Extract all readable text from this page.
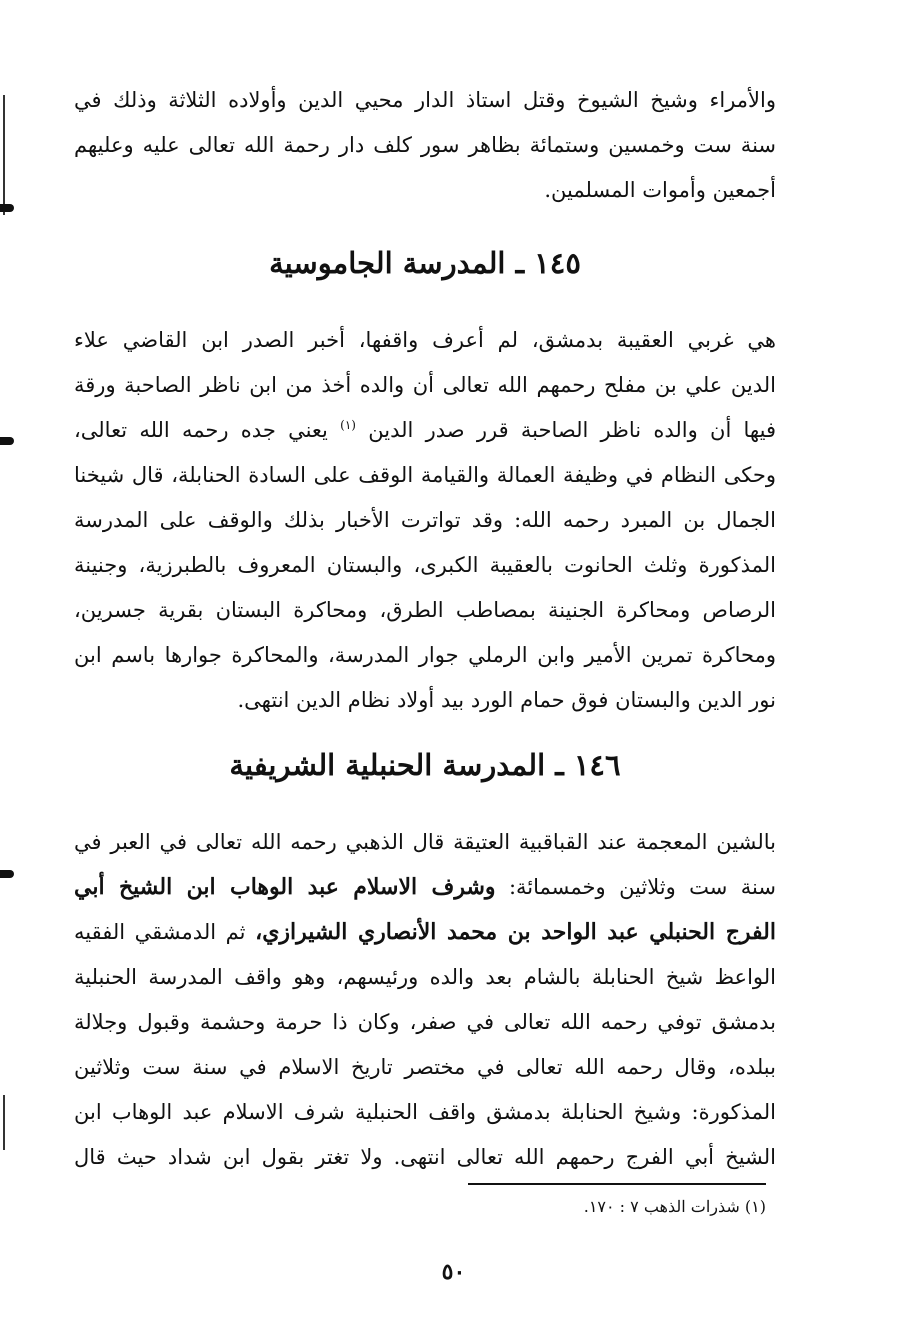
والأمراء وشيخ الشيوخ وقتل استاذ الدار محيي الدين وأولاده الثلاثة وذلك في
سنة ست وخمسين وستمائة بظاهر سور كلف دار رحمة الله تعالى عليه وعليهم
أجمعين وأموات المسلمين.
١٤٥ ـ المدرسة الجاموسية
هي غربي العقيبة بدمشق، لم أعرف واقفها، أخبر الصدر ابن القاضي علاء
الدين علي بن مفلح رحمهم الله تعالى أن والده أخذ من ابن ناظر الصاحبة ورقة
فيها أن والده ناظر الصاحبة قرر صدر الدين $^{(١)}$ يعني جده رحمه الله تعالى،
وحكى النظام في وظيفة العمالة والقيامة الوقف على السادة الحنابلة، قال شيخنا
الجمال بن المبرد رحمه الله: وقد تواترت الأخبار بذلك والوقف على المدرسة
المذكورة وثلث الحانوت بالعقيبة الكبرى، والبستان المعروف بالطبرزية، وجنينة
الرصاص ومحاكرة الجنينة بمصاطب الطرق، ومحاكرة البستان بقرية جسرين،
ومحاكرة تمرين الأمير وابن الرملي جوار المدرسة، والمحاكرة جوارها باسم ابن
نور الدين والبستان فوق حمام الورد بيد أولاد نظام الدين انتهى.
١٤٦ ـ المدرسة الحنبلية الشريفية
بالشين المعجمة عند القباقبية العتيقة قال الذهبي رحمه الله تعالى في العبر في
سنة ست وثلاثين وخمسمائة: وشرف الاسلام عبد الوهاب ابن الشيخ أبي
الفرج الحنبلي عبد الواحد بن محمد الأنصاري الشيرازي، ثم الدمشقي الفقيه
الواعظ شيخ الحنابلة بالشام بعد والده ورئيسهم، وهو واقف المدرسة الحنبلية
بدمشق توفي رحمه الله تعالى في صفر، وكان ذا حرمة وحشمة وقبول وجلالة
ببلده، وقال رحمه الله تعالى في مختصر تاريخ الاسلام في سنة ست وثلاثين
المذكورة: وشيخ الحنابلة بدمشق واقف الحنبلية شرف الاسلام عبد الوهاب ابن
الشيخ أبي الفرج رحمهم الله تعالى انتهى. ولا تغتر بقول ابن شداد حيث قال
(١) شذرات الذهب ٧ : ١٧٠.
٥٠
